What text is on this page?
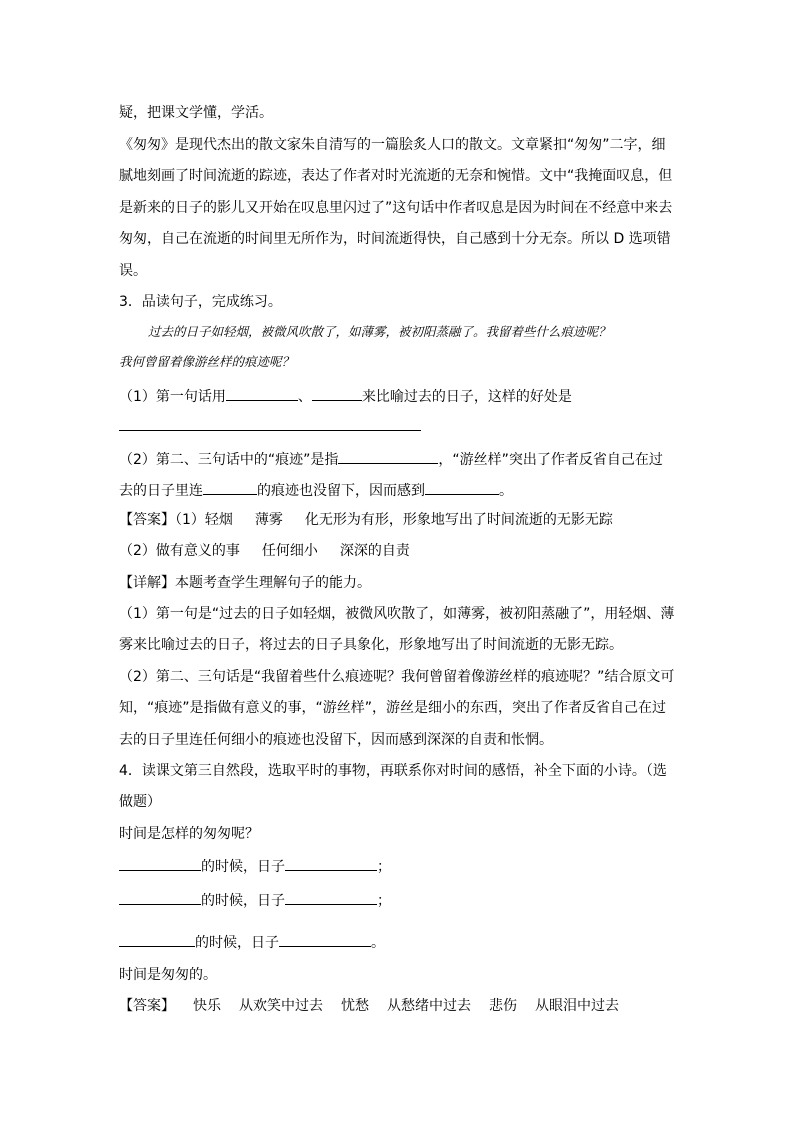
疑，把课文学懂，学活。
《匆匆》是现代杰出的散文家朱自清写的一篇脍炙人口的散文。文章紧扣“匆匆”二字，细
腻地刻画了时间流逝的踪迹，表达了作者对时光流逝的无奈和惋惜。文中“我掩面叹息，但
是新来的日子的影儿又开始在叹息里闪过了”这句话中作者叹息是因为时间在不经意中来去
匆匆，自己在流逝的时间里无所作为，时间流逝得快，自己感到十分无奈。所以 D 选项错
误。
3．品读句子，完成练习。
过去的日子如轻烟，被微风吹散了，如薄雾，被初阳蒸融了。我留着些什么痕迹呢？
我何曾留着像游丝样的痕迹呢？
（1）第一句话用	、	来比喻过去的日子，这样的好处是
（2）第二、三句话中的“痕迹”是指	，“游丝样”突出了作者反省自己在过
去的日子里连	的痕迹也没留下，因而感到	。
【答案】（1）轻烟 薄雾 化无形为有形，形象地写出了时间流逝的无影无踪
（2）做有意义的事 任何细小 深深的自责
【详解】本题考查学生理解句子的能力。
（1）第一句是“过去的日子如轻烟，被微风吹散了，如薄雾，被初阳蒸融了”，用轻烟、薄
雾来比喻过去的日子，将过去的日子具象化，形象地写出了时间流逝的无影无踪。
（2）第二、三句话是“我留着些什么痕迹呢？我何曾留着像游丝样的痕迹呢？”结合原文可
知，“痕迹”是指做有意义的事，“游丝样”，游丝是细小的东西，突出了作者反省自己在过
去的日子里连任何细小的痕迹也没留下，因而感到深深的自责和怅惘。
4．读课文第三自然段，选取平时的事物，再联系你对时间的感悟，补全下面的小诗。（选
做题）
时间是怎样的匆匆呢？
的时候，日子	；
的时候，日子	；
的时候，日子	。
时间是匆匆的。
【答案】 快乐 从欢笑中过去 忧愁 从愁绪中过去 悲伤 从眼泪中过去
